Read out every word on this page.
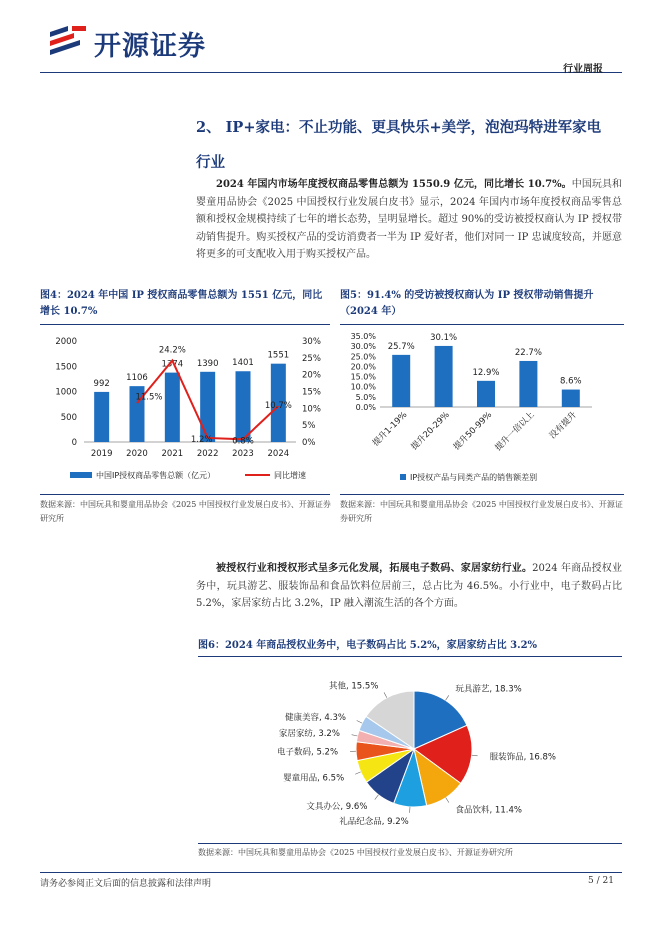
开源证券
行业周报
2、 IP+家电：不止功能、更具快乐+美学，泡泡玛特进军家电
行业
2024 年国内市场年度授权商品零售总额为 1550.9 亿元，同比增长 10.7%。中国玩具和婴童用品协会《2025 中国授权行业发展白皮书》显示，2024 年国内市场年度授权商品零售总额和授权金规模持续了七年的增长态势，呈明显增长。超过 90%的受访被授权商认为 IP 授权带动销售提升。购买授权产品的受访消费者一半为 IP 爱好者，他们对同一 IP 忠诚度较高，并愿意将更多的可支配收入用于购买授权产品。
图4：2024 年中国 IP 授权商品零售总额为 1551 亿元，同比增长 10.7%
0
500
1000
1500
2000
0%
5%
10%
15%
20%
25%
30%
992
2019
1106
2020
1374
2021
1390
2022
1401
2023
1551
2024
11.5%
24.2%
1.2% 0.8%
10.7%
中国IP授权商品零售总额（亿元）	同比增速
数据来源：中国玩具和婴童用品协会《2025 中国授权行业发展白皮书》、开源证券研究所
图5：91.4% 的受访被授权商认为 IP 授权带动销售提升（2024 年）
0.0%
5.0%
10.0%
15.0%
20.0%
25.0%
30.0%
35.0%
25.7%
提升1-19%
30.1%
提升20-29%
12.9%
提升50-99%
22.7%
提升一倍以上
8.6%
没有提升
IP授权产品与同类产品的销售额差别
数据来源：中国玩具和婴童用品协会《2025 中国授权行业发展白皮书》、开源证券研究所
被授权行业和授权形式呈多元化发展，拓展电子数码、家居家纺行业。2024 年商品授权业务中，玩具游艺、服装饰品和食品饮料位居前三，总占比为 46.5%。小行业中，电子数码占比 5.2%，家居家纺占比 3.2%，IP 融入潮流生活的各个方面。
图6：2024 年商品授权业务中，电子数码占比 5.2%，家居家纺占比 3.2%
玩具游艺, 18.3%
服装饰品, 16.8%
食品饮料, 11.4%
礼品纪念品, 9.2%
文具办公, 9.6%
婴童用品, 6.5%
电子数码, 5.2%
家居家纺, 3.2%
健康美容, 4.3%
其他, 15.5%
数据来源：中国玩具和婴童用品协会《2025 中国授权行业发展白皮书》、开源证券研究所
请务必参阅正文后面的信息披露和法律声明	5 / 21
